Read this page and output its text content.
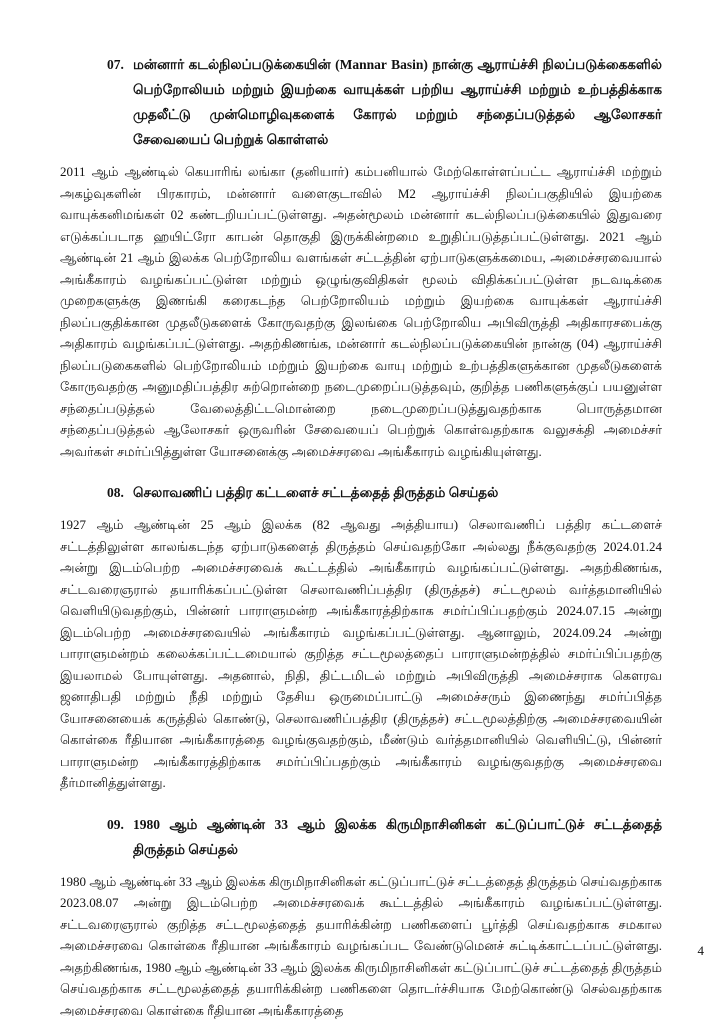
07. மன்னார் கடல்நிலப்படுக்கையின் (Mannar Basin) நான்கு ஆராய்ச்சி நிலப்படுக்கைகளில் பெற்றோலியம் மற்றும் இயற்கை வாயுக்கள் பற்றிய ஆராய்ச்சி மற்றும் உற்பத்திக்காக முதலீட்டு முன்மொழிவுகளைக் கோரல் மற்றும் சந்தைப்படுத்தல் ஆலோசகர் சேவையைப் பெற்றுக் கொள்ளல்
2011 ஆம் ஆண்டில் கெயாரிங் லங்கா (தனியார்) கம்பனியால் மேற்கொள்ளப்பட்ட ஆராய்ச்சி மற்றும் அகழ்வுகளின் பிரகாரம், மன்னார் வளைகுடாவில் M2 ஆராய்ச்சி நிலப்பகுதியில் இயற்கை வாயுக்கனிமங்கள் 02 கண்டறியப்பட்டுள்ளது. அதன்மூலம் மன்னார் கடல்நிலப்படுக்கையில் இதுவரை எடுக்கப்படாத ஹயிட்ரோ காபன் தொகுதி இருக்கின்றமை உறுதிப்படுத்தப்பட்டுள்ளது. 2021 ஆம் ஆண்டின் 21 ஆம் இலக்க பெற்றோலிய வளங்கள் சட்டத்தின் ஏற்பாடுகளுக்கமைய, அமைச்சரவையால் அங்கீகாரம் வழங்கப்பட்டுள்ள மற்றும் ஒழுங்குவிதிகள் மூலம் விதிக்கப்பட்டுள்ள நடவடிக்கை முறைகளுக்கு இணங்கி கரைகடந்த பெற்றோலியம் மற்றும் இயற்கை வாயுக்கள் ஆராய்ச்சி நிலப்பகுதிக்கான முதலீடுகளைக் கோருவதற்கு இலங்கை பெற்றோலிய அபிவிருத்தி அதிகாரசபைக்கு அதிகாரம் வழங்கப்பட்டுள்ளது. அதற்கிணங்க, மன்னார் கடல்நிலப்படுக்கையின் நான்கு (04) ஆராய்ச்சி நிலப்படுகைகளில் பெற்றோலியம் மற்றும் இயற்கை வாயு மற்றும் உற்பத்திகளுக்கான முதலீடுகளைக் கோருவதற்கு அனுமதிப்பத்திர சுற்றொன்றை நடைமுறைப்படுத்தவும், குறித்த பணிகளுக்குப் பயனுள்ள சந்தைப்படுத்தல் வேலைத்திட்டமொன்றை நடைமுறைப்படுத்துவதற்காக பொருத்தமான சந்தைப்படுத்தல் ஆலோசகர் ஒருவரின் சேவையைப் பெற்றுக் கொள்வதற்காக வலுசக்தி அமைச்சர் அவர்கள் சமர்ப்பித்துள்ள யோசனைக்கு அமைச்சரவை அங்கீகாரம் வழங்கியுள்ளது.
08. செலாவணிப் பத்திர கட்டளைச் சட்டத்தைத் திருத்தம் செய்தல்
1927 ஆம் ஆண்டின் 25 ஆம் இலக்க (82 ஆவது அத்தியாய) செலாவணிப் பத்திர கட்டளைச் சட்டத்திலுள்ள காலங்கடந்த ஏற்பாடுகளைத் திருத்தம் செய்வதற்கோ அல்லது நீக்குவதற்கு 2024.01.24 அன்று இடம்பெற்ற அமைச்சரவைக் கூட்டத்தில் அங்கீகாரம் வழங்கப்பட்டுள்ளது. அதற்கிணங்க, சட்டவரைஞரால் தயாரிக்கப்பட்டுள்ள செலாவணிப்பத்திர (திருத்தச்) சட்டமூலம் வர்த்தமானியில் வெளியிடுவதற்கும், பின்னர் பாராளுமன்ற அங்கீகாரத்திற்காக சமர்ப்பிப்பதற்கும் 2024.07.15 அன்று இடம்பெற்ற அமைச்சரவையில் அங்கீகாரம் வழங்கப்பட்டுள்ளது. ஆனாலும், 2024.09.24 அன்று பாராளுமன்றம் கலைக்கப்பட்டமையால் குறித்த சட்டமூலத்தைப் பாராளுமன்றத்தில் சமர்ப்பிப்பதற்கு இயலாமல் போயுள்ளது. அதனால், நிதி, திட்டமிடல் மற்றும் அபிவிருத்தி அமைச்சராக கௌரவ ஜனாதிபதி மற்றும் நீதி மற்றும் தேசிய ஒருமைப்பாட்டு அமைச்சரும் இணைந்து சமர்ப்பித்த யோசனையைக் கருத்தில் கொண்டு, செலாவணிப்பத்திர (திருத்தச்) சட்டமூலத்திற்கு அமைச்சரவையின் கொள்கை ரீதியான அங்கீகாரத்தை வழங்குவதற்கும், மீண்டும் வர்த்தமானியில் வெளியிட்டு, பின்னர் பாராளுமன்ற அங்கீகாரத்திற்காக சமர்ப்பிப்பதற்கும் அங்கீகாரம் வழங்குவதற்கு அமைச்சரவை தீர்மானித்துள்ளது.
09. 1980 ஆம் ஆண்டின் 33 ஆம் இலக்க கிருமிநாசினிகள் கட்டுப்பாட்டுச் சட்டத்தைத் திருத்தம் செய்தல்
1980 ஆம் ஆண்டின் 33 ஆம் இலக்க கிருமிநாசினிகள் கட்டுப்பாட்டுச் சட்டத்தைத் திருத்தம் செய்வதற்காக 2023.08.07 அன்று இடம்பெற்ற அமைச்சரவைக் கூட்டத்தில் அங்கீகாரம் வழங்கப்பட்டுள்ளது. சட்டவரைஞரால் குறித்த சட்டமூலத்தைத் தயாரிக்கின்ற பணிகளைப் பூர்த்தி செய்வதற்காக சமகால அமைச்சரவை கொள்கை ரீதியான அங்கீகாரம் வழங்கப்பட வேண்டுமெனச் சுட்டிக்காட்டப்பட்டுள்ளது. அதற்கிணங்க, 1980 ஆம் ஆண்டின் 33 ஆம் இலக்க கிருமிநாசினிகள் கட்டுப்பாட்டுச் சட்டத்தைத் திருத்தம் செய்வதற்காக சட்டமூலத்தைத் தயாரிக்கின்ற பணிகளை தொடர்ச்சியாக மேற்கொண்டு செல்வதற்காக அமைச்சரவை கொள்கை ரீதியான அங்கீகாரத்தை
4
